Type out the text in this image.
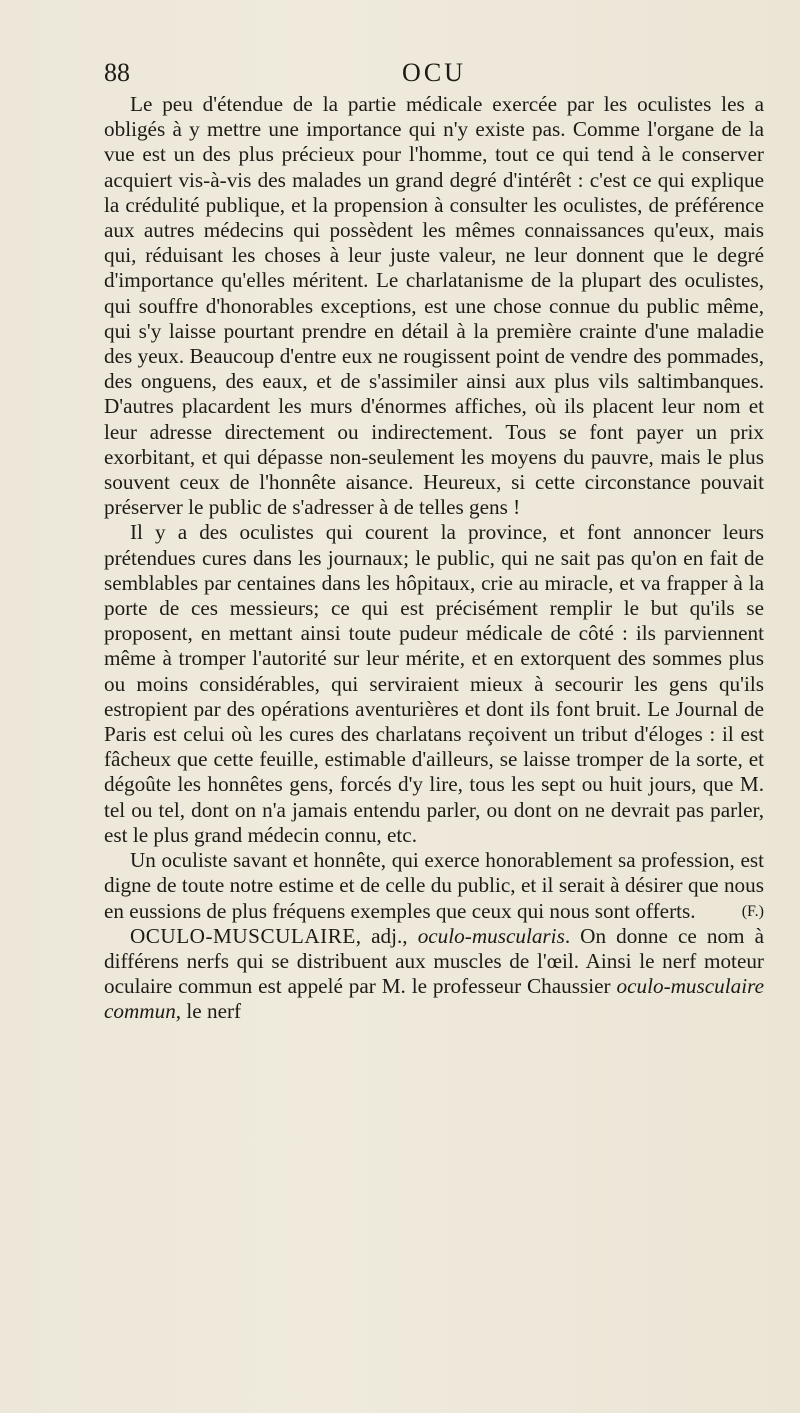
88	OCU

Le peu d'étendue de la partie médicale exercée par les oculistes les a obligés à y mettre une importance qui n'y existe pas. Comme l'organe de la vue est un des plus précieux pour l'homme, tout ce qui tend à le conserver acquiert vis-à-vis des malades un grand degré d'intérêt : c'est ce qui explique la crédulité publique, et la propension à consulter les oculistes, de préférence aux autres médecins qui possèdent les mêmes connaissances qu'eux, mais qui, réduisant les choses à leur juste valeur, ne leur donnent que le degré d'importance qu'elles méritent. Le charlatanisme de la plupart des oculistes, qui souffre d'honorables exceptions, est une chose connue du public même, qui s'y laisse pourtant prendre en détail à la première crainte d'une maladie des yeux. Beaucoup d'entre eux ne rougissent point de vendre des pommades, des onguens, des eaux, et de s'assimiler ainsi aux plus vils saltimbanques. D'autres placardent les murs d'énormes affiches, où ils placent leur nom et leur adresse directement ou indirectement. Tous se font payer un prix exorbitant, et qui dépasse non-seulement les moyens du pauvre, mais le plus souvent ceux de l'honnête aisance. Heureux, si cette circonstance pouvait préserver le public de s'adresser à de telles gens !

Il y a des oculistes qui courent la province, et font annoncer leurs prétendues cures dans les journaux; le public, qui ne sait pas qu'on en fait de semblables par centaines dans les hôpitaux, crie au miracle, et va frapper à la porte de ces messieurs; ce qui est précisément remplir le but qu'ils se proposent, en mettant ainsi toute pudeur médicale de côté : ils parviennent même à tromper l'autorité sur leur mérite, et en extorquent des sommes plus ou moins considérables, qui serviraient mieux à secourir les gens qu'ils estropient par des opérations aventurières et dont ils font bruit. Le Journal de Paris est celui où les cures des charlatans reçoivent un tribut d'éloges : il est fâcheux que cette feuille, estimable d'ailleurs, se laisse tromper de la sorte, et dégoûte les honnêtes gens, forcés d'y lire, tous les sept ou huit jours, que M. tel ou tel, dont on n'a jamais entendu parler, ou dont on ne devrait pas parler, est le plus grand médecin connu, etc.

Un oculiste savant et honnête, qui exerce honorablement sa profession, est digne de toute notre estime et de celle du public, et il serait à désirer que nous en eussions de plus fréquens exemples que ceux qui nous sont offerts.	(F.)

OCULO-MUSCULAIRE, adj., oculo-muscularis. On donne ce nom à différens nerfs qui se distribuent aux muscles de l'œil. Ainsi le nerf moteur oculaire commun est appelé par M. le professeur Chaussier oculo-musculaire commun, le nerf
